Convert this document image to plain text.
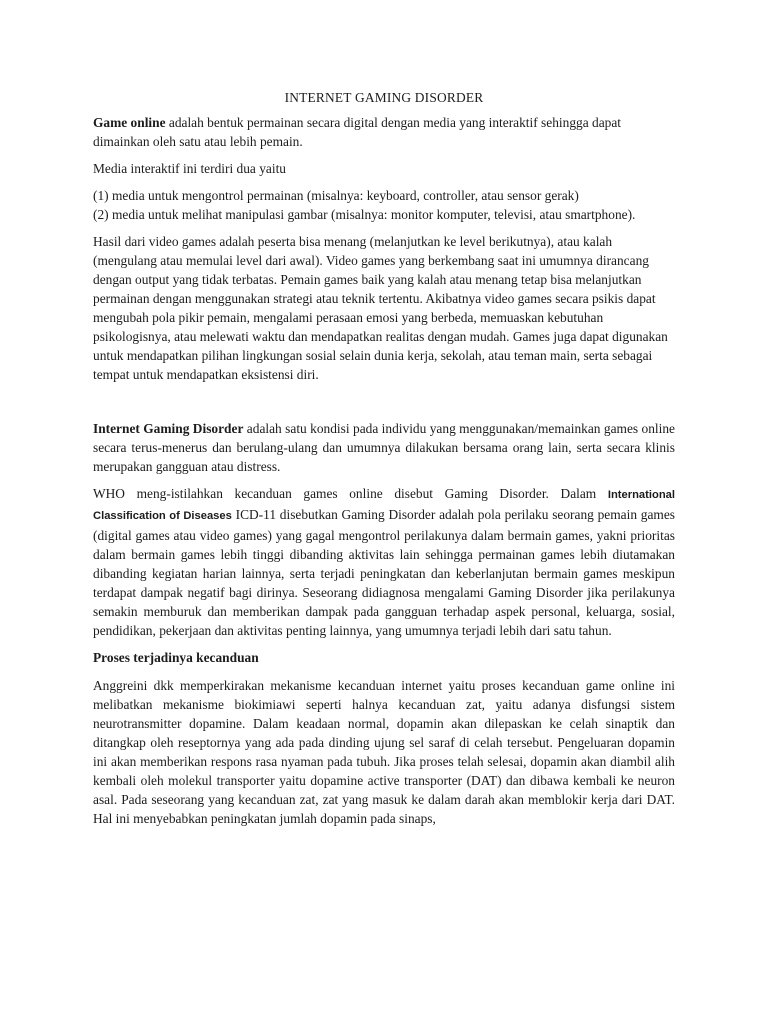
INTERNET GAMING DISORDER

Game online adalah bentuk permainan secara digital dengan media yang interaktif sehingga dapat dimainkan oleh satu atau lebih pemain.

Media interaktif ini terdiri dua yaitu

(1) media untuk mengontrol permainan (misalnya: keyboard, controller, atau sensor gerak)
(2) media untuk melihat manipulasi gambar (misalnya: monitor komputer, televisi, atau smartphone).

Hasil dari video games adalah peserta bisa menang (melanjutkan ke level berikutnya), atau kalah (mengulang atau memulai level dari awal). Video games yang berkembang saat ini umumnya dirancang dengan output yang tidak terbatas. Pemain games baik yang kalah atau menang tetap bisa melanjutkan permainan dengan menggunakan strategi atau teknik tertentu. Akibatnya video games secara psikis dapat mengubah pola pikir pemain, mengalami perasaan emosi yang berbeda, memuaskan kebutuhan psikologisnya, atau melewati waktu dan mendapatkan realitas dengan mudah. Games juga dapat digunakan untuk mendapatkan pilihan lingkungan sosial selain dunia kerja, sekolah, atau teman main, serta sebagai tempat untuk mendapatkan eksistensi diri.

Internet Gaming Disorder adalah satu kondisi pada individu yang menggunakan/memainkan games online secara terus-menerus dan berulang-ulang dan umumnya dilakukan bersama orang lain, serta secara klinis merupakan gangguan atau distress.

WHO meng-istilahkan kecanduan games online disebut Gaming Disorder. Dalam International Classification of Diseases ICD-11 disebutkan Gaming Disorder adalah pola perilaku seorang pemain games (digital games atau video games) yang gagal mengontrol perilakunya dalam bermain games, yakni prioritas dalam bermain games lebih tinggi dibanding aktivitas lain sehingga permainan games lebih diutamakan dibanding kegiatan harian lainnya, serta terjadi peningkatan dan keberlanjutan bermain games meskipun terdapat dampak negatif bagi dirinya. Seseorang didiagnosa mengalami Gaming Disorder jika perilakunya semakin memburuk dan memberikan dampak pada gangguan terhadap aspek personal, keluarga, sosial, pendidikan, pekerjaan dan aktivitas penting lainnya, yang umumnya terjadi lebih dari satu tahun.

Proses terjadinya kecanduan

Anggreini dkk memperkirakan mekanisme kecanduan internet yaitu proses kecanduan game online ini melibatkan mekanisme biokimiawi seperti halnya kecanduan zat, yaitu adanya disfungsi sistem neurotransmitter dopamine. Dalam keadaan normal, dopamin akan dilepaskan ke celah sinaptik dan ditangkap oleh reseptornya yang ada pada dinding ujung sel saraf di celah tersebut. Pengeluaran dopamin ini akan memberikan respons rasa nyaman pada tubuh. Jika proses telah selesai, dopamin akan diambil alih kembali oleh molekul transporter yaitu dopamine active transporter (DAT) dan dibawa kembali ke neuron asal. Pada seseorang yang kecanduan zat, zat yang masuk ke dalam darah akan memblokir kerja dari DAT. Hal ini menyebabkan peningkatan jumlah dopamin pada sinaps,
